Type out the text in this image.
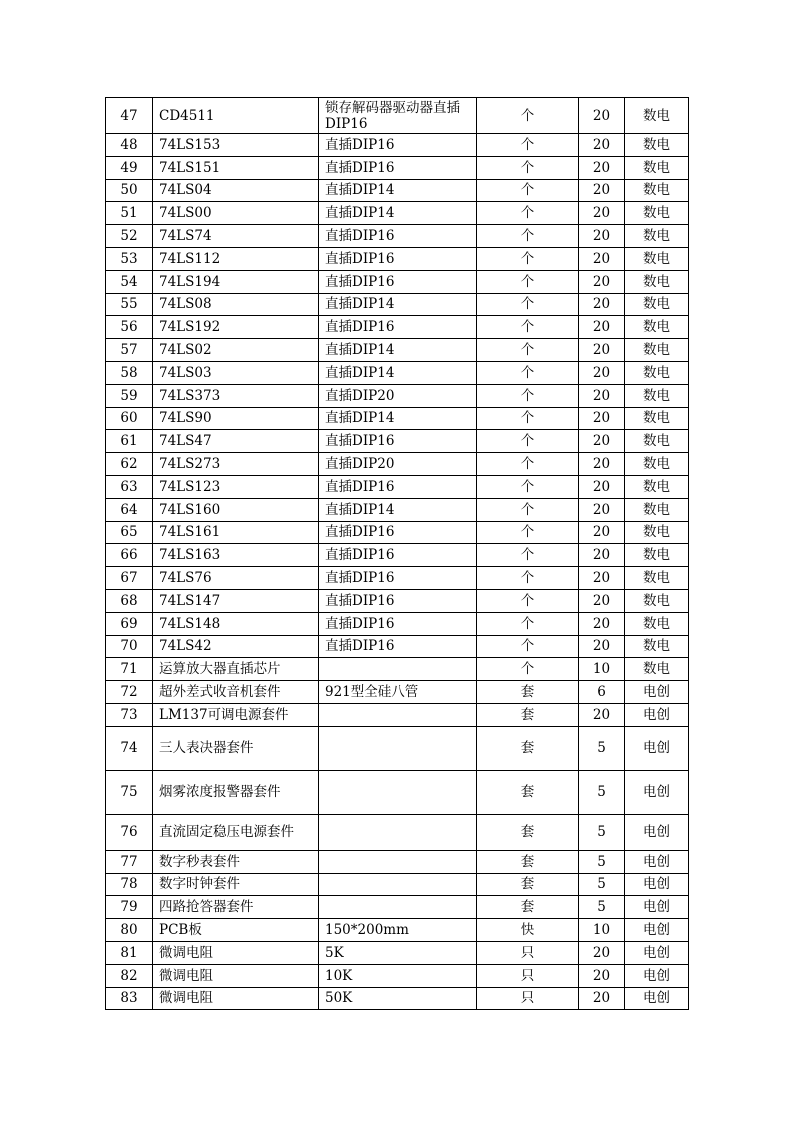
47	CD4511	锁存解码器驱动器直插DIP16	个	20	数电
48	74LS153	直插DIP16	个	20	数电
49	74LS151	直插DIP16	个	20	数电
50	74LS04	直插DIP14	个	20	数电
51	74LS00	直插DIP14	个	20	数电
52	74LS74	直插DIP16	个	20	数电
53	74LS112	直插DIP16	个	20	数电
54	74LS194	直插DIP16	个	20	数电
55	74LS08	直插DIP14	个	20	数电
56	74LS192	直插DIP16	个	20	数电
57	74LS02	直插DIP14	个	20	数电
58	74LS03	直插DIP14	个	20	数电
59	74LS373	直插DIP20	个	20	数电
60	74LS90	直插DIP14	个	20	数电
61	74LS47	直插DIP16	个	20	数电
62	74LS273	直插DIP20	个	20	数电
63	74LS123	直插DIP16	个	20	数电
64	74LS160	直插DIP14	个	20	数电
65	74LS161	直插DIP16	个	20	数电
66	74LS163	直插DIP16	个	20	数电
67	74LS76	直插DIP16	个	20	数电
68	74LS147	直插DIP16	个	20	数电
69	74LS148	直插DIP16	个	20	数电
70	74LS42	直插DIP16	个	20	数电
71	运算放大器直插芯片		个	10	数电
72	超外差式收音机套件	921型全硅八管	套	6	电创
73	LM137可调电源套件		套	20	电创
74	三人表决器套件		套	5	电创
75	烟雾浓度报警器套件		套	5	电创
76	直流固定稳压电源套件		套	5	电创
77	数字秒表套件		套	5	电创
78	数字时钟套件		套	5	电创
79	四路抢答器套件		套	5	电创
80	PCB板	150*200mm	快	10	电创
81	微调电阻	5K	只	20	电创
82	微调电阻	10K	只	20	电创
83	微调电阻	50K	只	20	电创
